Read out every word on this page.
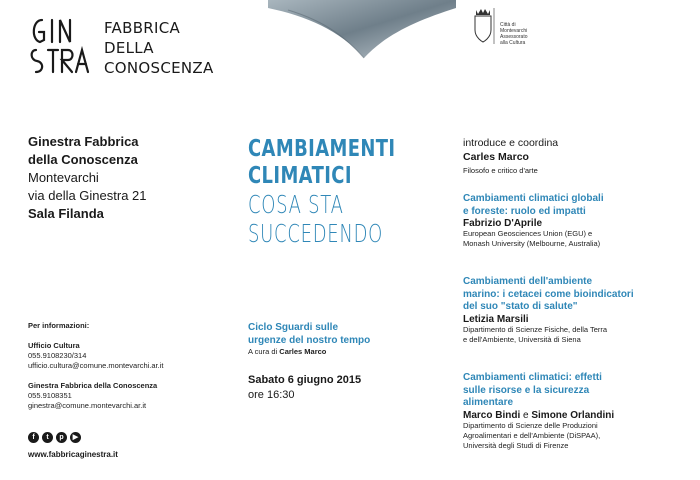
FABBRICA
DELLA
CONOSCENZA
Città di
Montevarchi
Assessorato
alla Cultura
Ginestra Fabbrica
della Conoscenza
Montevarchi
via della Ginestra 21
Sala Filanda
Per informazioni:
Ufficio Cultura
055.9108230/314
ufficio.cultura@comune.montevarchi.ar.it
Ginestra Fabbrica della Conoscenza
055.9108351
ginestra@comune.montevarchi.ar.it
f	t	p	▶
www.fabbricaginestra.it
CAMBIAMENTI
CLIMATICI
COSA STA
SUCCEDENDO
Ciclo Sguardi sulle
urgenze del nostro tempo
A cura di Carles Marco
Sabato 6 giugno 2015
ore 16:30
introduce e coordina
Carles Marco
Filosofo e critico d'arte
Cambiamenti climatici globali
e foreste: ruolo ed impatti
Fabrizio D'Aprile
European Geosciences Union (EGU) e
Monash University (Melbourne, Australia)
Cambiamenti dell'ambiente
marino: i cetacei come bioindicatori
del suo "stato di salute"
Letizia Marsili
Dipartimento di Scienze Fisiche, della Terra
e dell'Ambiente, Università di Siena
Cambiamenti climatici: effetti
sulle risorse e la sicurezza
alimentare
Marco Bindi e Simone Orlandini
Dipartimento di Scienze delle Produzioni
Agroalimentari e dell'Ambiente (DiSPAA),
Università degli Studi di Firenze
